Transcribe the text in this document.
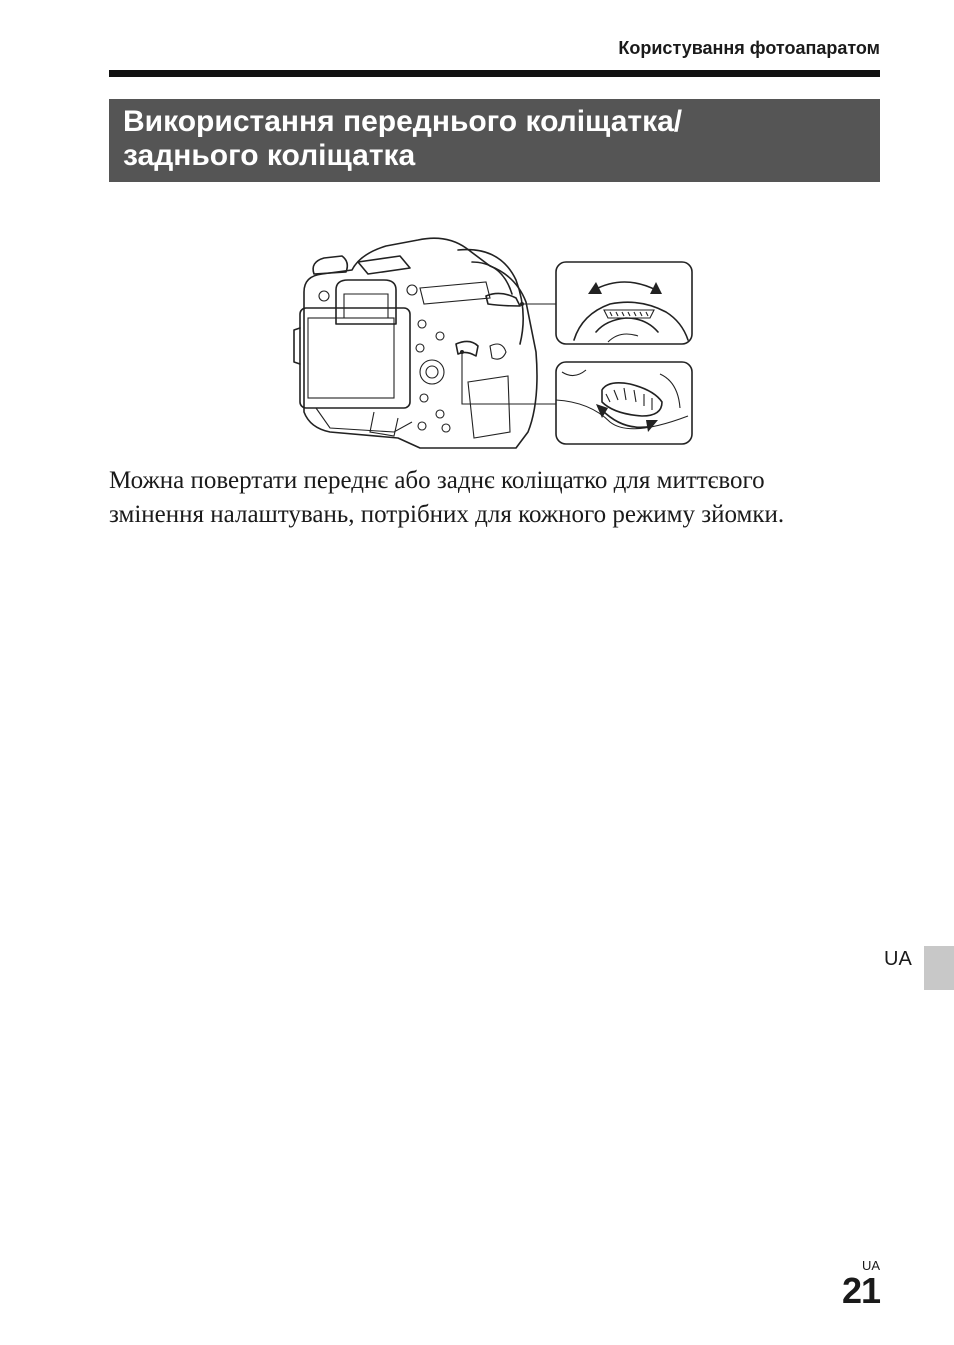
Користування фотоапаратом
Використання переднього коліщатка/
заднього коліщатка
Можна повертати переднє або заднє коліщатко для миттєвого
змінення налаштувань, потрібних для кожного режиму зйомки.
UA
UA
21
